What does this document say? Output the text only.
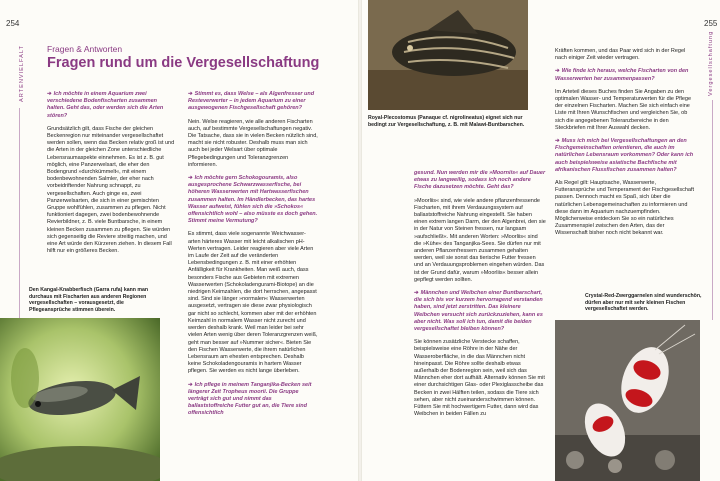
254
ARTENVIELFALT	Fragen & Antworten
Fragen rund um die Vergesellschaftung

➔ Ich möchte in einem Aquarium zwei verschiedene Bodenfischarten zusammen halten. Geht das, oder werden sich die Arten stören?

Grundsätzlich gilt, dass Fische der gleichen Beckenregion nur miteinander vergesellschaftet werden sollen, wenn das Becken relativ groß ist und die Arten in der gleichen Zone unterschiedliche Lebensraumaspekte einnehmen. Es ist z. B. gut möglich, eine Panzerwelsart, die eher den Bodengrund »durchkümmelt«, mit einem bodenbewohnenden Salmler, der eher nach vorbeidriftender Nahrung schnappt, zu vergesellschaften. Auch ginge es, zwei Panzerwelsarten, die sich in einer gemischten Gruppe wohlfühlen, zusammen zu pflegen. Nicht funktioniert dagegen, zwei bodenbewohnende Revierbildner, z. B. viele Buntbarsche, in einem kleinen Becken zusammen zu pflegen. Sie würden sich gegenseitig die Reviere streitig machen, und eine Art würde den Kürzeren ziehen. In diesem Fall hilft nur ein größeres Becken.

➔ Stimmt es, dass Welse – als Algenfresser und Resteverwerter – in jedem Aquarium zu einer ausgewogenen Fischgesellschaft gehören?

Nein. Welse reagieren, wie alle anderen Fischarten auch, auf bestimmte Vergesellschaftungen negativ. Die Tatsache, dass sie in vielen Becken nützlich sind, macht sie nicht robuster. Deshalb muss man sich auch bei jeder Welsart über optimale Pflegebedingungen und Toleranzgrenzen informieren.

➔ Ich möchte gern Schokogouramis, also ausgesprochene Schwarzwasserfische, bei höheren Wasserwerten mit Hartwasserfischen zusammen halten. Im Händlerbecken, das hartes Wasser aufweist, fühlen sich die »Schokos« offensichtlich wohl – also müsste es doch gehen. Stimmt meine Vermutung?

Es stimmt, dass viele sogenannte Weichwasser-arten härteres Wasser mit leicht alkalischen pH-Werten vertragen. Leider reagieren aber viele Arten im Laufe der Zeit auf die veränderten Lebensbedingungen z. B. mit einer erhöhten Anfälligkeit für Krankheiten. Man weiß auch, dass besonders Fische aus Gebieten mit extremen Wasserwerten (Schokoladengurami-Biotope) an die niedrigen Keimzahlen, die dort herrschen, angepasst sind. Sind sie länger »normalen« Wasserwerten ausgesetzt, vertragen sie diese zwar physiologisch gar nicht so schlecht, kommen aber mit der erhöhten Keimzahl in normalem Wasser nicht zurecht und werden deshalb krank. Weil man leider bei sehr vielen Arten wenig über deren Toleranzgrenzen weiß, geht man besser auf »Nummer sicher«. Bieten Sie den Fischen Wasserwerte, die ihrem natürlichen Lebensraum am ehesten entsprechen. Deshalb keine Schokoladengouramis in hartem Wasser pflegen. Sie werden es nicht lange überleben.

➔ Ich pflege in meinem Tanganjika-Becken seit längerer Zeit Tropheus moorii. Die Gruppe verträgt sich gut und nimmt das ballaststoffreiche Futter gut an, die Tiere sind offensichtlich

Den Kangal-Knabberfisch (Garra rufa) kann man durchaus mit Fischarten aus anderen Regionen vergesellschaften – vorausgesetzt, die Pflegeansprüche stimmen überein.
Royal-Plecostomus (Panaque cf. nigrolineatus) eignet sich nur bedingt zur Vergesellschaftung, z. B. mit Malawi-Buntbarschen.
255
Vergesellschaftung

gesund. Nun werden mir die »Moorniis« auf Dauer etwas zu langweilig, sodass ich noch andere Fische dazusetzen möchte. Geht das?

»Moorliis« sind, wie viele andere pflanzenfressende Fischarten, mit ihrem Verdauungssystem auf ballaststoffreiche Nahrung eingestellt. Sie haben einen extrem langen Darm, der den Algenbrei, den sie in der Natur von Steinen fressen, nur langsam »aufschließt«. Mit anderen Worten: »Moorliis« sind die »Kühe« des Tanganjika-Sees. Sie dürfen nur mit anderen Pflanzenfressern zusammen gehalten werden, weil sie sonst das tierische Futter fressen und an Verdauungsproblemen eingehen würden. Das ist der Grund dafür, warum »Moorliis« besser allein gepflegt werden sollten.

➔ Männchen und Weibchen einer Buntbarschart, die sich bis vor kurzem hervorragend verstanden haben, sind jetzt zerstritten. Das kleinere Weibchen versucht sich zurückzuziehen, kann es aber nicht. Was soll ich tun, damit die beiden vergesellschaftet bleiben können?

Sie können zusätzliche Verstecke schaffen, beispielsweise eine Röhre in der Nähe der Wasseroberfläche, in die das Männchen nicht hineinpasst. Die Röhre sollte deshalb etwas außerhalb der Bodenregion sein, weil sich das Männchen eher dort aufhält. Alternativ können Sie mit einer durchsichtigen Glas- oder Plexiglasscheibe das Becken in zwei Hälften teilen, sodass die Tiere sich sehen, aber nicht zueinanderschwimmen können. Füttern Sie mit hochwertigem Futter, dann wird das Weibchen in beiden Fällen zu

Kräften kommen, und das Paar wird sich in der Regel nach einiger Zeit wieder vertragen.

➔ Wie finde ich heraus, welche Fischarten von den Wasserwerten her zusammenpassen?

Im Arteteil dieses Buches finden Sie Angaben zu den optimalen Wasser- und Temperaturwerten für die Pflege der einzelnen Fischarten. Machen Sie sich einfach eine Liste mit Ihren Wunschfischen und vergleichen Sie, ob sich die angegebenen Toleranzbereiche in den Steckbriefen mit Ihrer Auswahl decken.

➔ Muss ich mich bei Vergesellschaftungen an den Fischgemeinschaften orientieren, die auch im natürlichen Lebensraum vorkommen? Oder kann ich auch beispielsweise asiatische Bachfische mit afrikanischen Flussfischen zusammen halten?

Als Regel gilt: Hauptsache, Wasserwerte, Futteransprüche und Temperament der Fischgesellschaft passen. Dennoch macht es Spaß, sich über die natürlichen Lebensgemeinschaften zu informieren und diese dann im Aquarium nachzuempfinden. Möglicherweise entdecken Sie so ein natürliches Zusammenspiel zwischen den Arten, das der Wissenschaft bisher noch nicht bekannt war.

Crystal-Red-Zwerggarnelen sind wunderschön, dürfen aber nur mit sehr kleinen Fischen vergesellschaftet werden.
